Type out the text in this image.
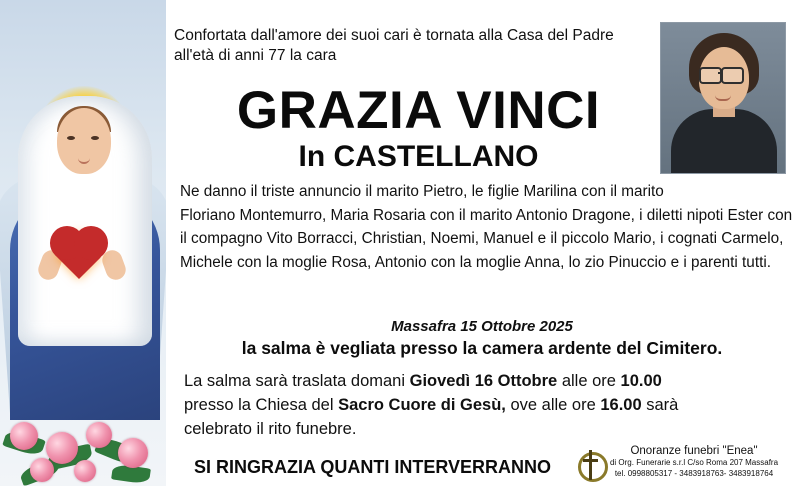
Confortata dall'amore dei suoi cari è tornata alla Casa del Padre
all'età di anni 77 la cara
GRAZIA VINCI
In CASTELLANO
Ne danno il triste annuncio il marito Pietro, le figlie Marilina con il marito
Floriano Montemurro, Maria Rosaria con il marito Antonio Dragone, i diletti nipoti Ester con
il compagno Vito Borracci, Christian, Noemi, Manuel e il piccolo Mario, i cognati Carmelo,
Michele con la moglie Rosa, Antonio con la moglie Anna, lo zio Pinuccio e i parenti tutti.
Massafra 15 Ottobre 2025
la salma è vegliata presso la camera ardente del Cimitero.
La salma sarà traslata domani Giovedì 16 Ottobre alle ore 10.00
presso la Chiesa del Sacro Cuore di Gesù, ove alle ore 16.00 sarà
celebrato il rito funebre.
SI RINGRAZIA QUANTI INTERVERRANNO
Onoranze funebri "Enea"
di Org. Funerarie s.r.l C/so Roma 207 Massafra
tel. 0998805317 - 3483918763- 3483918764
